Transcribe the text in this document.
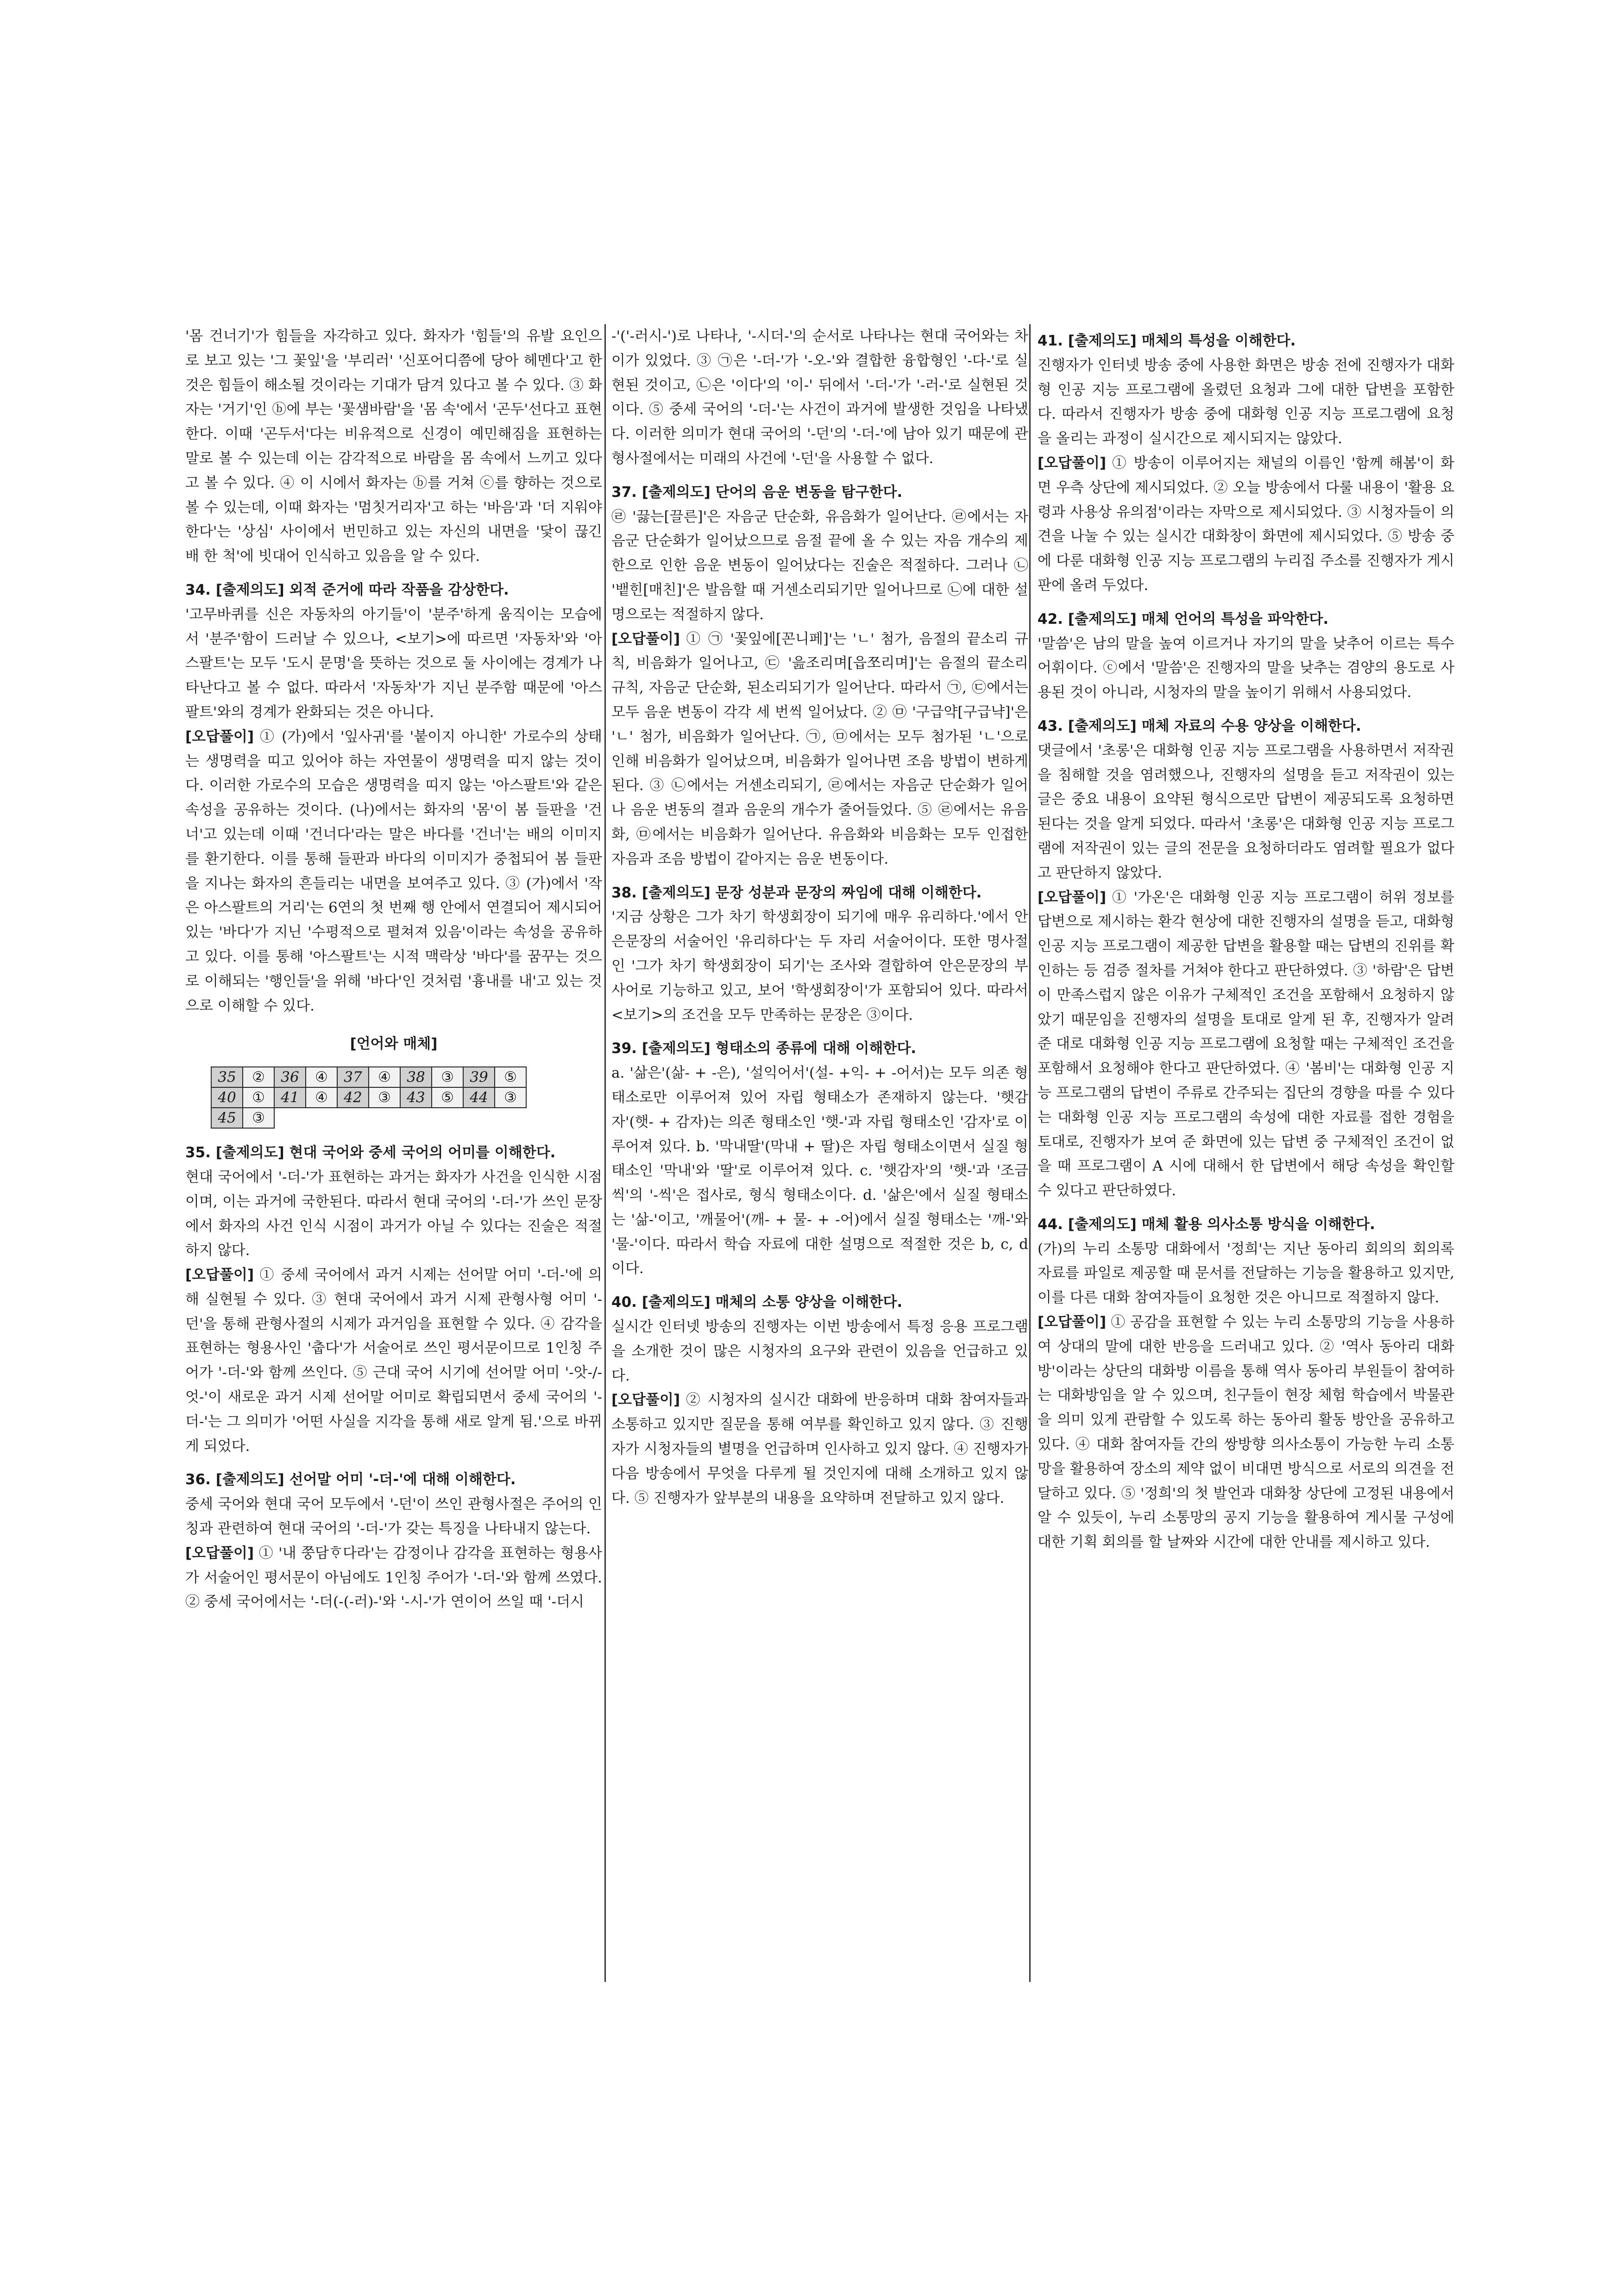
'몸 건너기'가 힘들을 자각하고 있다. 화자가 '힘들'의 유발 요인으로 보고 있는 '그 꽃잎'을 '부리러' '신포어디쯤에 당아 헤멘다'고 한 것은 힘들이 해소될 것이라는 기대가 담겨 있다고 볼 수 있다. ③ 화자는 '거기'인 ⓑ에 부는 '꽃샘바람'을 '몸 속'에서 '곤두'선다고 표현한다. 이때 '곤두서'다는 비유적으로 신경이 예민해짐을 표현하는 말로 볼 수 있는데 이는 감각적으로 바람을 몸 속에서 느끼고 있다고 볼 수 있다. ④ 이 시에서 화자는 ⓑ를 거쳐 ⓒ를 향하는 것으로 볼 수 있는데, 이때 화자는 '멈칫거리자'고 하는 '바음'과 '더 지워야 한다'는 '상심' 사이에서 번민하고 있는 자신의 내면을 '닻이 끊긴 배 한 척'에 빗대어 인식하고 있음을 알 수 있다.

34. [출제의도] 외적 준거에 따라 작품을 감상한다.

'고무바퀴를 신은 자동차의 아기들'이 '분주'하게 움직이는 모습에서 '분주'함이 드러날 수 있으나, <보기>에 따르면 '자동차'와 '아스팔트'는 모두 '도시 문명'을 뜻하는 것으로 둘 사이에는 경계가 나타난다고 볼 수 없다. 따라서 '자동차'가 지닌 분주함 때문에 '아스팔트'와의 경계가 완화되는 것은 아니다.

[오답풀이] ① (가)에서 '잎사귀'를 '붙이지 아니한' 가로수의 상태는 생명력을 띠고 있어야 하는 자연물이 생명력을 띠지 않는 것이다. 이러한 가로수의 모습은 생명력을 띠지 않는 '아스팔트'와 같은 속성을 공유하는 것이다. (나)에서는 화자의 '몸'이 봄 들판을 '건너'고 있는데 이때 '건너다'라는 말은 바다를 '건너'는 배의 이미지를 환기한다. 이를 통해 들판과 바다의 이미지가 중첩되어 봄 들판을 지나는 화자의 흔들리는 내면을 보여주고 있다. ③ (가)에서 '작은 아스팔트의 거리'는 6연의 첫 번째 행 안에서 연결되어 제시되어 있는 '바다'가 지닌 '수평적으로 펼쳐져 있음'이라는 속성을 공유하고 있다. 이를 통해 '아스팔트'는 시적 맥락상 '바다'를 꿈꾸는 것으로 이해되는 '행인들'을 위해 '바다'인 것처럼 '흉내를 내'고 있는 것으로 이해할 수 있다.

[언어와 매체]

35	②	36	④	37	④	38	③	39	⑤
40	①	41	④	42	③	43	⑤	44	③
45	③								

35. [출제의도] 현대 국어와 중세 국어의 어미를 이해한다.

현대 국어에서 '-더-'가 표현하는 과거는 화자가 사건을 인식한 시점이며, 이는 과거에 국한된다. 따라서 현대 국어의 '-더-'가 쓰인 문장에서 화자의 사건 인식 시점이 과거가 아닐 수 있다는 진술은 적절하지 않다.

[오답풀이] ① 중세 국어에서 과거 시제는 선어말 어미 '-더-'에 의해 실현될 수 있다. ③ 현대 국어에서 과거 시제 관형사형 어미 '-던'을 통해 관형사절의 시제가 과거임을 표현할 수 있다. ④ 감각을 표현하는 형용사인 '춥다'가 서술어로 쓰인 평서문이므로 1인칭 주어가 '-더-'와 함께 쓰인다. ⑤ 근대 국어 시기에 선어말 어미 '-앗-/-엇-'이 새로운 과거 시제 선어말 어미로 확립되면서 중세 국어의 '-더-'는 그 의미가 '어떤 사실을 지각을 통해 새로 알게 됨.'으로 바뀌게 되었다.

36. [출제의도] 선어말 어미 '-더-'에 대해 이해한다.

중세 국어와 현대 국어 모두에서 '-던'이 쓰인 관형사절은 주어의 인칭과 관련하여 현대 국어의 '-더-'가 갖는 특징을 나타내지 않는다.

[오답풀이] ① '내 쭝담ᄒᆞ다라'는 감정이나 감각을 표현하는 형용사가 서술어인 평서문이 아님에도 1인칭 주어가 '-더-'와 함께 쓰였다. ② 중세 국어에서는 '-더(-(-러)-'와 '-시-'가 연이어 쓰일 때 '-더시

-'('-러시-')로 나타나, '-시더-'의 순서로 나타나는 현대 국어와는 차이가 있었다. ③ ㉠은 '-더-'가 '-오-'와 결합한 융합형인 '-다-'로 실현된 것이고, ㉡은 '이다'의 '이-' 뒤에서 '-더-'가 '-러-'로 실현된 것이다. ⑤ 중세 국어의 '-더-'는 사건이 과거에 발생한 것임을 나타냈다. 이러한 의미가 현대 국어의 '-던'의 '-더-'에 남아 있기 때문에 관형사절에서는 미래의 사건에 '-던'을 사용할 수 없다.

37. [출제의도] 단어의 음운 변동을 탐구한다.

㉣ '끓는[끌른]'은 자음군 단순화, 유음화가 일어난다. ㉣에서는 자음군 단순화가 일어났으므로 음절 끝에 올 수 있는 자음 개수의 제한으로 인한 음운 변동이 일어났다는 진술은 적절하다. 그러나 ㉡ '뱉힌[매친]'은 발음할 때 거센소리되기만 일어나므로 ㉡에 대한 설명으로는 적절하지 않다.

[오답풀이] ① ㉠ '꽃잎에[꼰니페]'는 'ㄴ' 첨가, 음절의 끝소리 규칙, 비음화가 일어나고, ㉢ '읊조리며[읍쪼리며]'는 음절의 끝소리 규칙, 자음군 단순화, 된소리되기가 일어난다. 따라서 ㉠, ㉢에서는 모두 음운 변동이 각각 세 번씩 일어났다. ② ㉤ '구급약[구급냑]'은 'ㄴ' 첨가, 비음화가 일어난다. ㉠, ㉤에서는 모두 첨가된 'ㄴ'으로 인해 비음화가 일어났으며, 비음화가 일어나면 조음 방법이 변하게 된다. ③ ㉡에서는 거센소리되기, ㉣에서는 자음군 단순화가 일어나 음운 변동의 결과 음운의 개수가 줄어들었다. ⑤ ㉣에서는 유음화, ㉤에서는 비음화가 일어난다. 유음화와 비음화는 모두 인접한 자음과 조음 방법이 같아지는 음운 변동이다.

38. [출제의도] 문장 성분과 문장의 짜임에 대해 이해한다.

'지금 상황은 그가 차기 학생회장이 되기에 매우 유리하다.'에서 안은문장의 서술어인 '유리하다'는 두 자리 서술어이다. 또한 명사절인 '그가 차기 학생회장이 되기'는 조사와 결합하여 안은문장의 부사어로 기능하고 있고, 보어 '학생회장이'가 포함되어 있다. 따라서 <보기>의 조건을 모두 만족하는 문장은 ③이다.

39. [출제의도] 형태소의 종류에 대해 이해한다.

a. '삶은'(삶- + -은), '설익어서'(설- +익- + -어서)는 모두 의존 형태소로만 이루어져 있어 자립 형태소가 존재하지 않는다. '햇감자'(햇- + 감자)는 의존 형태소인 '햇-'과 자립 형태소인 '감자'로 이루어져 있다. b. '막내딸'(막내 + 딸)은 자립 형태소이면서 실질 형태소인 '막내'와 '딸'로 이루어져 있다. c. '햇감자'의 '햇-'과 '조금씩'의 '-씩'은 접사로, 형식 형태소이다. d. '삶은'에서 실질 형태소는 '삶-'이고, '깨물어'(깨- + 물- + -어)에서 실질 형태소는 '깨-'와 '물-'이다. 따라서 학습 자료에 대한 설명으로 적절한 것은 b, c, d이다.

40. [출제의도] 매체의 소통 양상을 이해한다.

실시간 인터넷 방송의 진행자는 이번 방송에서 특정 응용 프로그램을 소개한 것이 많은 시청자의 요구와 관련이 있음을 언급하고 있다.

[오답풀이] ② 시청자의 실시간 대화에 반응하며 대화 참여자들과 소통하고 있지만 질문을 통해 여부를 확인하고 있지 않다. ③ 진행자가 시청자들의 별명을 언급하며 인사하고 있지 않다. ④ 진행자가 다음 방송에서 무엇을 다루게 될 것인지에 대해 소개하고 있지 않다. ⑤ 진행자가 앞부분의 내용을 요약하며 전달하고 있지 않다.

41. [출제의도] 매체의 특성을 이해한다.

진행자가 인터넷 방송 중에 사용한 화면은 방송 전에 진행자가 대화형 인공 지능 프로그램에 올렸던 요청과 그에 대한 답변을 포함한다. 따라서 진행자가 방송 중에 대화형 인공 지능 프로그램에 요청을 올리는 과정이 실시간으로 제시되지는 않았다.

[오답풀이] ① 방송이 이루어지는 채널의 이름인 '함께 해봄'이 화면 우측 상단에 제시되었다. ② 오늘 방송에서 다룰 내용이 '활용 요령과 사용상 유의점'이라는 자막으로 제시되었다. ③ 시청자들이 의견을 나눌 수 있는 실시간 대화창이 화면에 제시되었다. ⑤ 방송 중에 다룬 대화형 인공 지능 프로그램의 누리집 주소를 진행자가 게시판에 올려 두었다.

42. [출제의도] 매체 언어의 특성을 파악한다.

'말씀'은 남의 말을 높여 이르거나 자기의 말을 낮추어 이르는 특수 어휘이다. ⓒ에서 '말씀'은 진행자의 말을 낮추는 겸양의 용도로 사용된 것이 아니라, 시청자의 말을 높이기 위해서 사용되었다.

43. [출제의도] 매체 자료의 수용 양상을 이해한다.

댓글에서 '초롱'은 대화형 인공 지능 프로그램을 사용하면서 저작권을 침해할 것을 염려했으나, 진행자의 설명을 듣고 저작권이 있는 글은 중요 내용이 요약된 형식으로만 답변이 제공되도록 요청하면 된다는 것을 알게 되었다. 따라서 '초롱'은 대화형 인공 지능 프로그램에 저작권이 있는 글의 전문을 요청하더라도 염려할 필요가 없다고 판단하지 않았다.

[오답풀이] ① '가온'은 대화형 인공 지능 프로그램이 허위 정보를 답변으로 제시하는 환각 현상에 대한 진행자의 설명을 듣고, 대화형 인공 지능 프로그램이 제공한 답변을 활용할 때는 답변의 진위를 확인하는 등 검증 절차를 거쳐야 한다고 판단하였다. ③ '하람'은 답변이 만족스럽지 않은 이유가 구체적인 조건을 포함해서 요청하지 않았기 때문임을 진행자의 설명을 토대로 알게 된 후, 진행자가 알려 준 대로 대화형 인공 지능 프로그램에 요청할 때는 구체적인 조건을 포함해서 요청해야 한다고 판단하였다. ④ '봄비'는 대화형 인공 지능 프로그램의 답변이 주류로 간주되는 집단의 경향을 따를 수 있다는 대화형 인공 지능 프로그램의 속성에 대한 자료를 접한 경험을 토대로, 진행자가 보여 준 화면에 있는 답변 중 구체적인 조건이 없을 때 프로그램이 A 시에 대해서 한 답변에서 해당 속성을 확인할 수 있다고 판단하였다.

44. [출제의도] 매체 활용 의사소통 방식을 이해한다.

(가)의 누리 소통망 대화에서 '정희'는 지난 동아리 회의의 회의록 자료를 파일로 제공할 때 문서를 전달하는 기능을 활용하고 있지만, 이를 다른 대화 참여자들이 요청한 것은 아니므로 적절하지 않다.

[오답풀이] ① 공감을 표현할 수 있는 누리 소통망의 기능을 사용하여 상대의 말에 대한 반응을 드러내고 있다. ② '역사 동아리 대화방'이라는 상단의 대화방 이름을 통해 역사 동아리 부원들이 참여하는 대화방임을 알 수 있으며, 친구들이 현장 체험 학습에서 박물관을 의미 있게 관람할 수 있도록 하는 동아리 활동 방안을 공유하고 있다. ④ 대화 참여자들 간의 쌍방향 의사소통이 가능한 누리 소통망을 활용하여 장소의 제약 없이 비대면 방식으로 서로의 의견을 전달하고 있다. ⑤ '정희'의 첫 발언과 대화창 상단에 고정된 내용에서 알 수 있듯이, 누리 소통망의 공지 기능을 활용하여 게시물 구성에 대한 기획 회의를 할 날짜와 시간에 대한 안내를 제시하고 있다.
